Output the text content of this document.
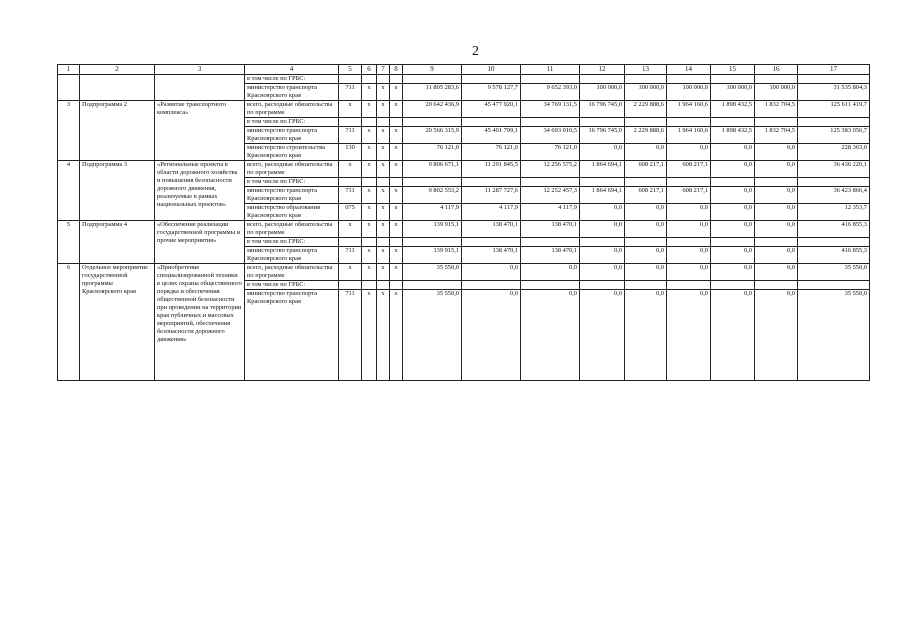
2
1	2	3	4	5	6	7	8	9	10	11	12	13	14	15	16	17
			в том числе по ГРБС:													
			министерство транспорта Красноярского края	711	х	х	х	11 805 283,6	9 578 127,7	9 652 393,0	100 000,0	100 000,0	100 000,0	100 000,0	100 000,0	31 535 804,3
3	Подпрограмма 2	«Развитие транспортного комплекса»	всего, расходные обязательства по программе	х	х	х	х	20 642 436,9	45 477 920,1	34 769 131,5	16 796 745,0	2 229 888,6	1 964 160,6	1 898 432,5	1 832 704,5	125 611 419,7
			в том числе по ГРБС:													
			министерство транспорта Красноярского края	711	х	х	х	20 566 315,9	45 401 799,1	34 693 010,5	16 796 745,0	2 229 888,6	1 964 160,6	1 898 432,5	1 832 704,5	125 383 056,7
			министерство строительства Красноярского края	130	х	х	х	76 121,0	76 121,0	76 121,0	0,0	0,0	0,0	0,0	0,0	228 363,0
4	Подпрограмма 3	«Региональные проекты в области дорожного хозяйства и повышения безопасности дорожного движения, реализуемые в рамках национальных проектов»	всего, расходные обязательства по программе	х	х	х	х	9 806 671,1	11 291 845,5	12 256 575,2	1 864 694,1	608 217,1	608 217,1	0,0	0,0	36 436 220,1
			в том числе по ГРБС:													
			министерство транспорта Красноярского края	711	х	х	х	9 802 553,2	11 287 727,6	12 252 457,3	1 864 694,1	608 217,1	608 217,1	0,0	0,0	36 423 866,4
			министерство образования Красноярского края	075	х	х	х	4 117,9	4 117,9	4 117,9	0,0	0,0	0,0	0,0	0,0	12 353,7
5	Подпрограмма 4	«Обеспечение реализации государственной программы и прочие мероприятия»	всего, расходные обязательства по программе	х	х	х	х	139 915,1	138 470,1	138 470,1	0,0	0,0	0,0	0,0	0,0	416 855,3
			в том числе по ГРБС:													
			министерство транспорта Красноярского края	711	х	х	х	139 915,1	138 470,1	138 470,1	0,0	0,0	0,0	0,0	0,0	416 855,3
6	Отдельное мероприятие государственной программы Красноярского края	«Приобретение специализированной техники в целях охраны общественного порядка и обеспечения общественной безопасности при проведении на территории края публичных и массовых мероприятий, обеспечения безопасности дорожного движения»	всего, расходные обязательства по программе	х	х	х	х	35 550,0	0,0	0,0	0,0	0,0	0,0	0,0	0,0	35 550,0
			в том числе по ГРБС:													
			министерство транспорта Красноярского края	711	х	х	х	35 550,0	0,0	0,0	0,0	0,0	0,0	0,0	0,0	35 550,0
